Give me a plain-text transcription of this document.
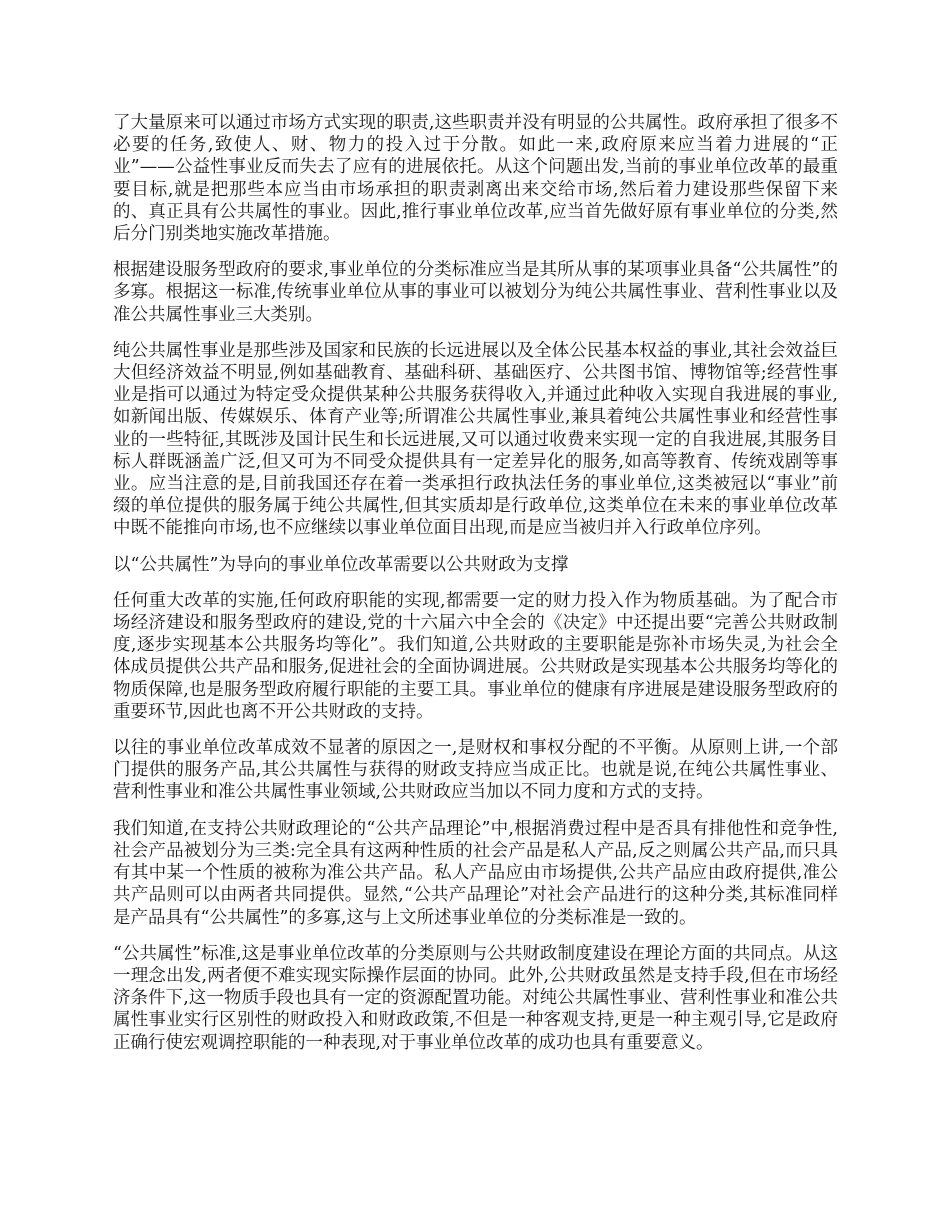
了大量原来可以通过市场方式实现的职责,这些职责并没有明显的公共属性。政府承担了很多不必要的任务,致使人、财、物力的投入过于分散。如此一来,政府原来应当着力进展的“正业”——公益性事业反而失去了应有的进展依托。从这个问题出发,当前的事业单位改革的最重要目标,就是把那些本应当由市场承担的职责剥离出来交给市场,然后着力建设那些保留下来的、真正具有公共属性的事业。因此,推行事业单位改革,应当首先做好原有事业单位的分类,然后分门别类地实施改革措施。

根据建设服务型政府的要求,事业单位的分类标准应当是其所从事的某项事业具备“公共属性”的多寡。根据这一标准,传统事业单位从事的事业可以被划分为纯公共属性事业、营利性事业以及准公共属性事业三大类别。

纯公共属性事业是那些涉及国家和民族的长远进展以及全体公民基本权益的事业,其社会效益巨大但经济效益不明显,例如基础教育、基础科研、基础医疗、公共图书馆、博物馆等;经营性事业是指可以通过为特定受众提供某种公共服务获得收入,并通过此种收入实现自我进展的事业,如新闻出版、传媒娱乐、体育产业等;所谓准公共属性事业,兼具着纯公共属性事业和经营性事业的一些特征,其既涉及国计民生和长远进展,又可以通过收费来实现一定的自我进展,其服务目标人群既涵盖广泛,但又可为不同受众提供具有一定差异化的服务,如高等教育、传统戏剧等事业。应当注意的是,目前我国还存在着一类承担行政执法任务的事业单位,这类被冠以“事业”前缀的单位提供的服务属于纯公共属性,但其实质却是行政单位,这类单位在未来的事业单位改革中既不能推向市场,也不应继续以事业单位面目出现,而是应当被归并入行政单位序列。

以“公共属性”为导向的事业单位改革需要以公共财政为支撑

任何重大改革的实施,任何政府职能的实现,都需要一定的财力投入作为物质基础。为了配合市场经济建设和服务型政府的建设,党的十六届六中全会的《决定》中还提出要“完善公共财政制度,逐步实现基本公共服务均等化”。我们知道,公共财政的主要职能是弥补市场失灵,为社会全体成员提供公共产品和服务,促进社会的全面协调进展。公共财政是实现基本公共服务均等化的物质保障,也是服务型政府履行职能的主要工具。事业单位的健康有序进展是建设服务型政府的重要环节,因此也离不开公共财政的支持。

以往的事业单位改革成效不显著的原因之一,是财权和事权分配的不平衡。从原则上讲,一个部门提供的服务产品,其公共属性与获得的财政支持应当成正比。也就是说,在纯公共属性事业、营利性事业和准公共属性事业领域,公共财政应当加以不同力度和方式的支持。

我们知道,在支持公共财政理论的“公共产品理论”中,根据消费过程中是否具有排他性和竞争性,社会产品被划分为三类:完全具有这两种性质的社会产品是私人产品,反之则属公共产品,而只具有其中某一个性质的被称为准公共产品。私人产品应由市场提供,公共产品应由政府提供,准公共产品则可以由两者共同提供。显然,“公共产品理论”对社会产品进行的这种分类,其标准同样是产品具有“公共属性”的多寡,这与上文所述事业单位的分类标准是一致的。

“公共属性”标准,这是事业单位改革的分类原则与公共财政制度建设在理论方面的共同点。从这一理念出发,两者便不难实现实际操作层面的协同。此外,公共财政虽然是支持手段,但在市场经济条件下,这一物质手段也具有一定的资源配置功能。对纯公共属性事业、营利性事业和准公共属性事业实行区别性的财政投入和财政政策,不但是一种客观支持,更是一种主观引导,它是政府正确行使宏观调控职能的一种表现,对于事业单位改革的成功也具有重要意义。
